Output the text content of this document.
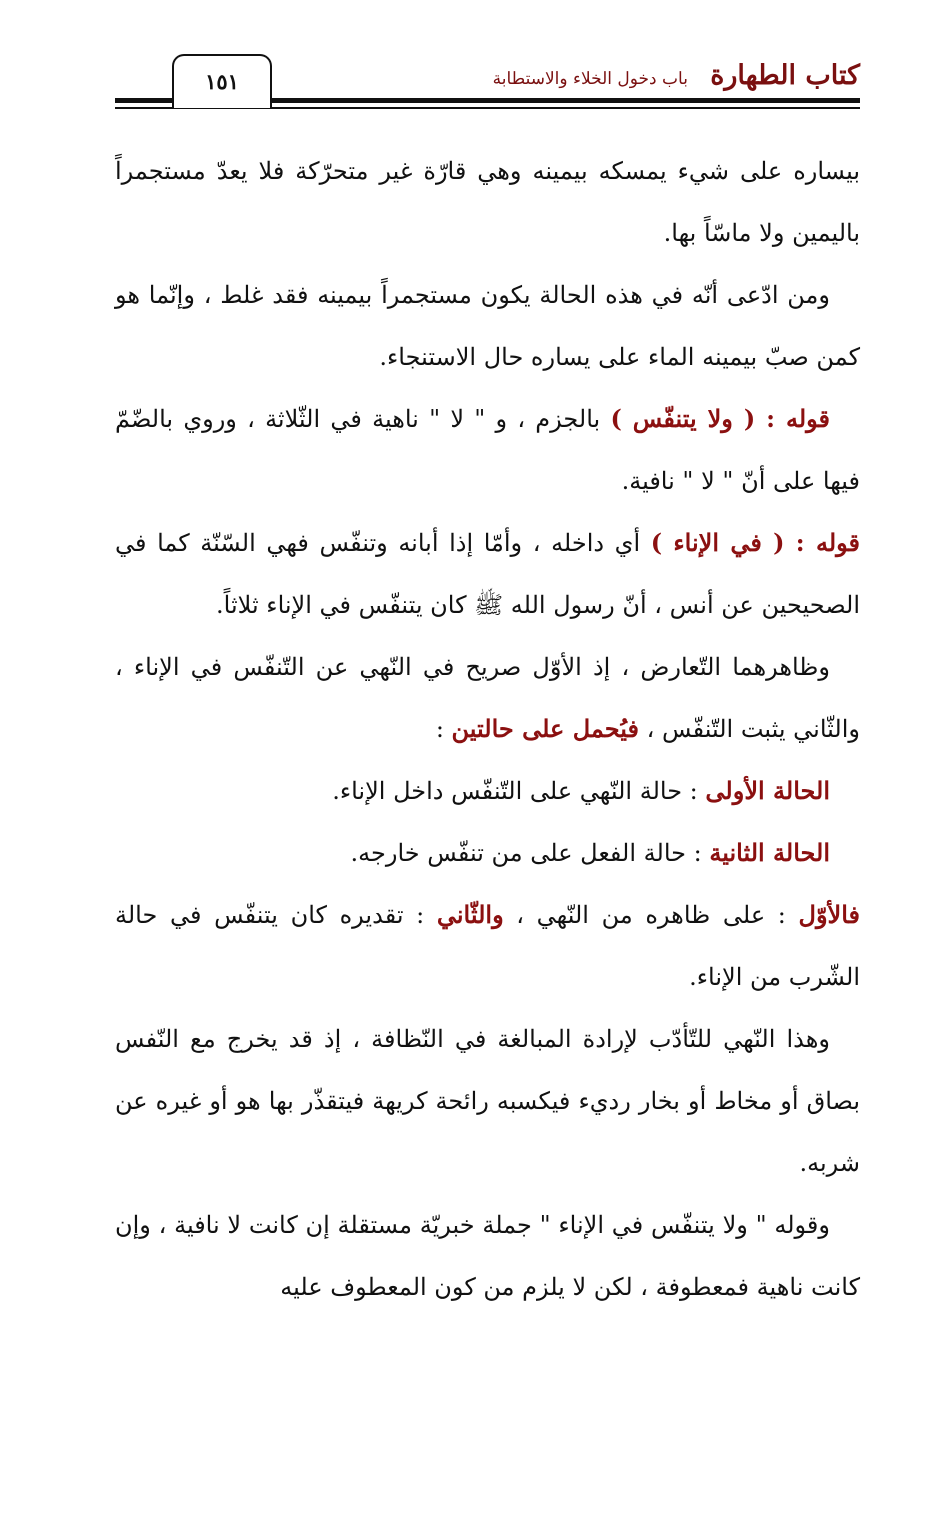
١٥١	كتاب الطهارة باب دخول الخلاء والاستطابة

بيساره على شيء يمسكه بيمينه وهي قارّة غير متحرّكة فلا يعدّ مستجمراً باليمين ولا ماسّاً بها.

ومن ادّعى أنّه في هذه الحالة يكون مستجمراً بيمينه فقد غلط ، وإنّما هو كمن صبّ بيمينه الماء على يساره حال الاستنجاء.

قوله : ( ولا يتنفّس ) بالجزم ، و " لا " ناهية في الثّلاثة ، وروي بالضّمّ فيها على أنّ " لا " نافية.

قوله : ( في الإناء ) أي داخله ، وأمّا إذا أبانه وتنفّس فهي السّنّة كما في الصحيحين عن أنس ، أنّ رسول الله ﷺ كان يتنفّس في الإناء ثلاثاً.

وظاهرهما التّعارض ، إذ الأوّل صريح في النّهي عن التّنفّس في الإناء ، والثّاني يثبت التّنفّس ، فيُحمل على حالتين :

الحالة الأولى : حالة النّهي على التّنفّس داخل الإناء.

الحالة الثانية : حالة الفعل على من تنفّس خارجه.

فالأوّل : على ظاهره من النّهي ، والثّاني : تقديره كان يتنفّس في حالة الشّرب من الإناء.

وهذا النّهي للتّأدّب لإرادة المبالغة في النّظافة ، إذ قد يخرج مع النّفس بصاق أو مخاط أو بخار رديء فيكسبه رائحة كريهة فيتقذّر بها هو أو غيره عن شربه.

وقوله " ولا يتنفّس في الإناء " جملة خبريّة مستقلة إن كانت لا نافية ، وإن كانت ناهية فمعطوفة ، لكن لا يلزم من كون المعطوف عليه
